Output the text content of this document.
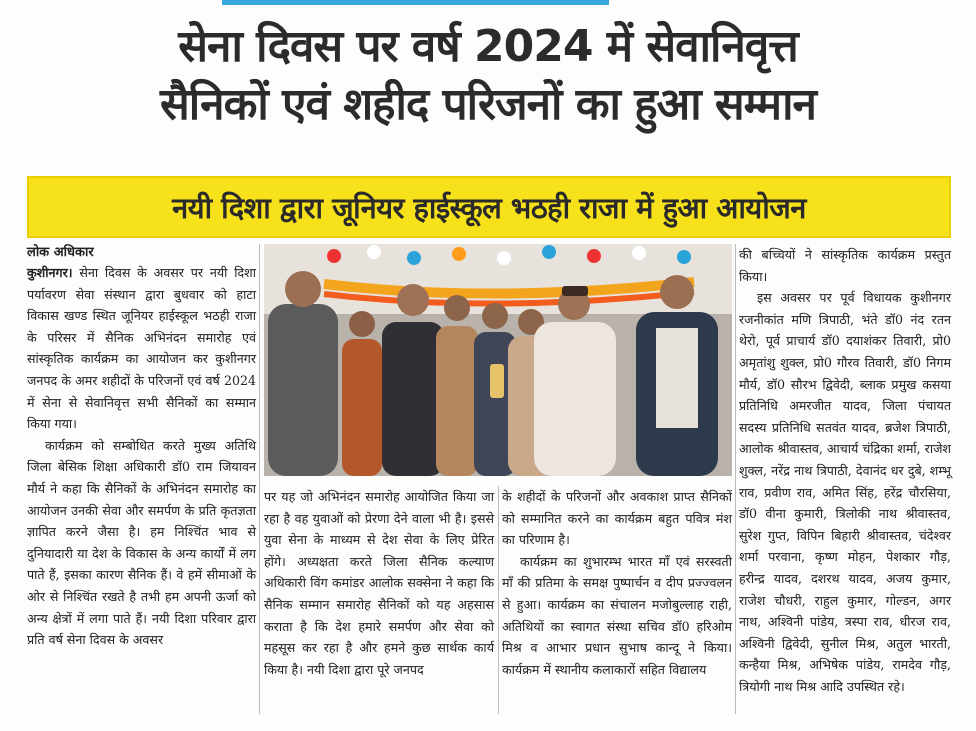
सेना दिवस पर वर्ष 2024 में सेवानिवृत्त
सैनिकों एवं शहीद परिजनों का हुआ सम्मान
नयी दिशा द्वारा जूनियर हाईस्कूल भठही राजा में हुआ आयोजन
लोक अधिकार

कुशीनगर। सेना दिवस के अवसर पर नयी दिशा पर्यावरण सेवा संस्थान द्वारा बुधवार को हाटा विकास खण्ड स्थित जूनियर हाईस्कूल भठही राजा के परिसर में सैनिक अभिनंदन समारोह एवं सांस्कृतिक कार्यक्रम का आयोजन कर कुशीनगर जनपद के अमर शहीदों के परिजनों एवं वर्ष 2024 में सेना से सेवानिवृत्त सभी सैनिकों का सम्मान किया गया।

कार्यक्रम को सम्बोधित करते मुख्य अतिथि जिला बेसिक शिक्षा अधिकारी डॉ0 राम जियावन मौर्य ने कहा कि सैनिकों के अभिनंदन समारोह का आयोजन उनकी सेवा और समर्पण के प्रति कृतज्ञता ज्ञापित करने जैसा है। हम निश्चिंत भाव से दुनियादारी या देश के विकास के अन्य कार्यों में लग पाते हैं, इसका कारण सैनिक हैं। वे हमें सीमाओं के ओर से निश्चिंत रखते है तभी हम अपनी ऊर्जा को अन्य क्षेत्रों में लगा पाते हैं। नयी दिशा परिवार द्वारा प्रति वर्ष सेना दिवस के अवसर

पर यह जो अभिनंदन समारोह आयोजित किया जा रहा है वह युवाओं को प्रेरणा देने वाला भी है। इससे युवा सेना के माध्यम से देश सेवा के लिए प्रेरित होंगे। अध्यक्षता करते जिला सैनिक कल्याण अधिकारी विंग कमांडर आलोक सक्सेना ने कहा कि सैनिक सम्मान समारोह सैनिकों को यह अहसास कराता है कि देश हमारे समर्पण और सेवा को महसूस कर रहा है और हमने कुछ सार्थक कार्य किया है। नयी दिशा द्वारा पूरे जनपद

के शहीदों के परिजनों और अवकाश प्राप्त सैनिकों को सम्मानित करने का कार्यक्रम बहुत पवित्र मंश का परिणाम है।

कार्यक्रम का शुभारम्भ भारत माँ एवं सरस्वती माँ की प्रतिमा के समक्ष पुष्पार्चन व दीप प्रज्ज्वलन से हुआ। कार्यक्रम का संचालन मजोबुल्लाह राही, अतिथियों का स्वागत संस्था सचिव डॉ0 हरिओम मिश्र व आभार प्रधान सुभाष कान्दू ने किया। कार्यक्रम में स्थानीय कलाकारों सहित विद्यालय

की बच्चियों ने सांस्कृतिक कार्यक्रम प्रस्तुत किया।

इस अवसर पर पूर्व विधायक कुशीनगर रजनीकांत मणि त्रिपाठी, भंते डॉ0 नंद रतन थेरो, पूर्व प्राचार्य डॉ0 दयाशंकर तिवारी, प्रो0 अमृतांशु शुक्ल, प्रो0 गौरव तिवारी, डॉ0 निगम मौर्य, डॉ0 सौरभ द्विवेदी, ब्लाक प्रमुख कसया प्रतिनिधि अमरजीत यादव, जिला पंचायत सदस्य प्रतिनिधि सतवंत यादव, ब्रजेश त्रिपाठी, आलोक श्रीवास्तव, आचार्य चंद्रिका शर्मा, राजेश शुक्ल, नरेंद्र नाथ त्रिपाठी, देवानंद धर दुबे, शम्भू राव, प्रवीण राव, अमित सिंह, हरेंद्र चौरसिया, डॉ0 वीना कुमारी, त्रिलोकी नाथ श्रीवास्तव, सुरेश गुप्त, विपिन बिहारी श्रीवास्तव, चंदेश्वर शर्मा परवाना, कृष्ण मोहन, पेशकार गौड़, हरीन्द्र यादव, दशरथ यादव, अजय कुमार, राजेश चौधरी, राहुल कुमार, गोल्डन, अगर नाथ, अश्विनी पांडेय, त्रस्पा राव, धीरज राव, अश्विनी द्विवेदी, सुनील मिश्र, अतुल भारती, कन्हैया मिश्र, अभिषेक पांडेय, रामदेव गौड़, त्रियोगी नाथ मिश्र आदि उपस्थित रहे।
